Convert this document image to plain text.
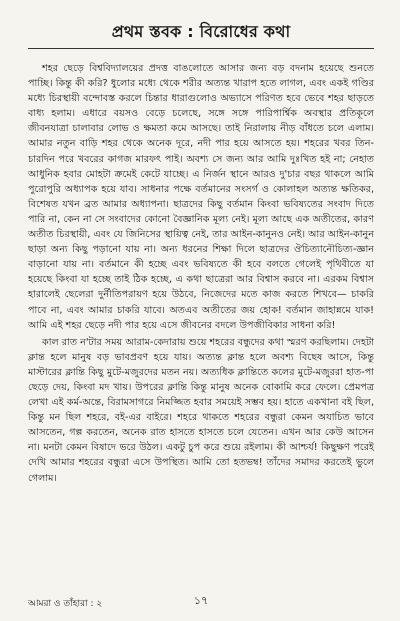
প্রথম স্তবক : বিরোধের কথা

শহর ছেড়ে বিশ্ববিদ্যালয়ের প্রদত্ত বাঙলোতে আসার জন্য বড় বদনাম হয়েছে শুনতে পাচ্ছি। কিন্তু কী করি? ধুলোর মধ্যে থেকে শরীর অত্যন্ত খারাপ হতে লাগল, এবং একই গণ্ডির মধ্যে চিরস্থায়ী বন্দোবস্ত করলে চিন্তার ধারাগুলোও অভ্যাসে পরিণত হবে ভেবে শহর ছাড়তে বাধ্য হলাম। এধারে বয়সও বেড়ে চলেছে, সঙ্গে সঙ্গে পারিপার্শ্বিক অবস্থার প্রতিকূলে জীবনযাত্রা চালাবার লোভ ও ক্ষমতা কমে আসছে। তাই নিরালায় নীড় বাঁধতে চলে এলাম। আমার নতুন বাড়ি শহর থেকে অনেক দূরে, নদী পার হয়ে আসতে হয়। শহরের খবর তিন-চারদিন পরে খবরের কাগজ মারফৎ পাই। অবশ্য সে জন্য আর আমি দুঃখিত হই না; নেহাত আধুনিক হবার মোহটা ক্রমেই কেটে যাচ্ছে। এ নির্জন স্থানে আরও দু'চার বছর থাকলে আমি পুরোপুরি অধ্যাপক হয়ে যাব। সাধনার পক্ষে বর্তমানের সংসর্গ ও কোলাহল অত্যন্ত ক্ষতিকর, বিশেষত যখন ব্রত আমার অধ্যাপনা। ছাত্রদের কিছু বর্তমান কিংবা ভবিষ্যতের সংবাদ দিতে পারি না, কেন না সে সংবাদের কোনো বৈজ্ঞানিক মূল্য নেই। মূল্য আছে এক অতীতের, কারণ অতীত চিরস্থায়ী, এবং যে জিনিসের স্থায়িত্ব নেই, তার আইন-কানুনও নেই। আর আইন-কানুন ছাড়া অন্য কিছু পড়ানো যায় না। অন্য ধরনের শিক্ষা দিলে ছাত্রদের ঔচিত্যানৌচিত্য-জ্ঞান বাড়ানো যায় না। বর্তমানে কী হচ্ছে এবং ভবিষ্যতে কী হবে বলতে গেলেই পৃথিবীতে যা হয়েছে কিংবা যা হচ্ছে তাই ঠিক হচ্ছে, এ কথা ছাত্রেরা আর বিশ্বাস করবে না। এরকম বিশ্বাস হারালেই ছেলেরা দুর্নীতিপরায়ণ হয়ে উঠবে, নিজেদের মতে কাজ করতে শিখবে— চাকরি পাবে না, এবং আমার চাকরি যাবে। অতএব অতীতের জয় হোক! বর্তমান জাহান্নমে যাক! আমি এই শহর ছেড়ে নদী পার হয়ে এসে জীবনের বদলে উপজীবিকার সাধনা করি!

কাল রাত ন'টার সময় আরাম-কেদারায় শুয়ে শহরের বন্ধুদের কথা স্মরণ করছিলাম। দেহটা ক্লান্ত হলে মানুষ বড় ভাবপ্রবণ হয়ে যায়। অত্যন্ত ক্লান্ত হলে অবশ্য বিছেষ আসে, কিন্তু মাস্টারের ক্লান্তি কিছু মুটে-মজুরদের মতন নয়। অত্যধিক ক্লান্তিতে কলের মুটে-মজুররা হাত-পা ছেড়ে দেয়, কিংবা মদ খায়। উপরের ক্লান্তি কিন্তু মানুষ অনেক বোকামি করে ফেলে। প্রেমপত্র লেখা এই কর্ম-অন্তে, বিরামসাগরে নিমজ্জিত হবার সময়েই সম্ভব হয়। হাতে একখানা বই ছিল, কিন্তু মন ছিল শহরে, বই-এর বাইরে। শহরে থাকতে শহরের বন্ধুরা কেমন অযাচিত ভাবে আসতেন, গল্প করতেন, অনেক রাত হাসতে হাসতে চলে যেতেন। এখন আর কেউ আসেন না। মনটা কেমন বিষাদে ভরে উঠল। একটু চুপ করে শুয়ে রইলাম। কী আশ্চর্য! কিছুক্ষণ পরেই দেখি আমার শহরের বন্ধুরা এসে উপস্থিত। আমি তো হতভম্ব! তাঁদের সমাদর করতেই ভুলে গেলাম।

আমরা ও তাঁহারা : ২	১৭
